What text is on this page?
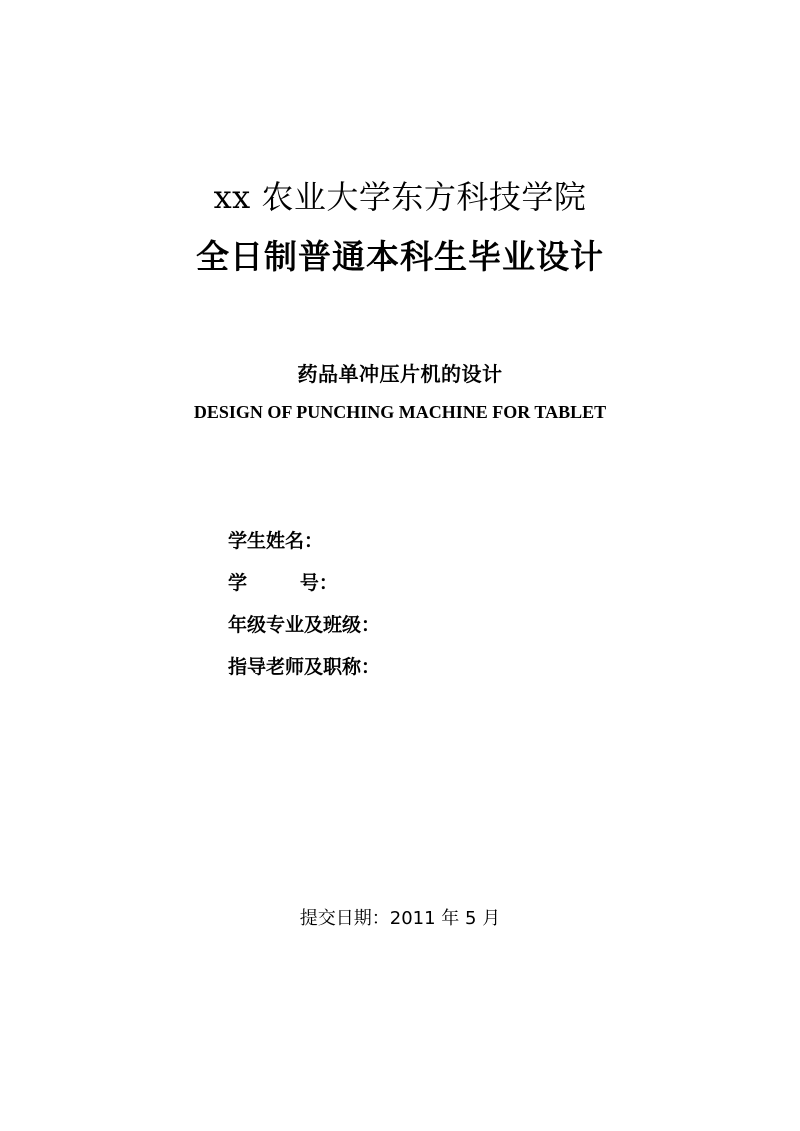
xx 农业大学东方科技学院
全日制普通本科生毕业设计
药品单冲压片机的设计
DESIGN OF PUNCHING MACHINE FOR TABLET
学生姓名：
学        号：
年级专业及班级：
指导老师及职称：
提交日期：2011 年 5 月
